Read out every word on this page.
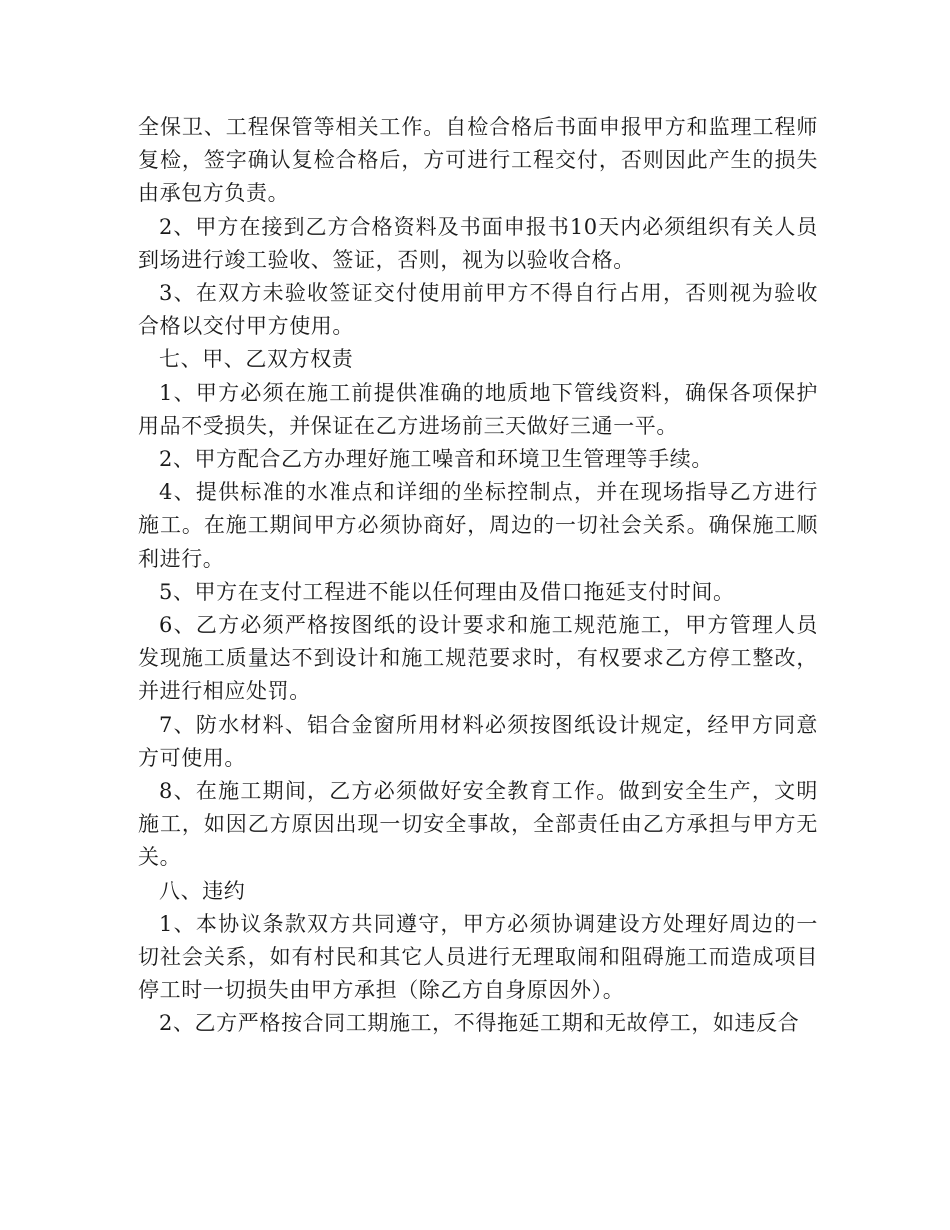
全保卫、工程保管等相关工作。自检合格后书面申报甲方和监理工程师复检，签字确认复检合格后，方可进行工程交付，否则因此产生的损失由承包方负责。

2、甲方在接到乙方合格资料及书面申报书10天内必须组织有关人员到场进行竣工验收、签证，否则，视为以验收合格。

3、在双方未验收签证交付使用前甲方不得自行占用，否则视为验收合格以交付甲方使用。

七、甲、乙双方权责

1、甲方必须在施工前提供准确的地质地下管线资料，确保各项保护用品不受损失，并保证在乙方进场前三天做好三通一平。

2、甲方配合乙方办理好施工噪音和环境卫生管理等手续。

4、提供标准的水准点和详细的坐标控制点，并在现场指导乙方进行施工。在施工期间甲方必须协商好，周边的一切社会关系。确保施工顺利进行。

5、甲方在支付工程进不能以任何理由及借口拖延支付时间。

6、乙方必须严格按图纸的设计要求和施工规范施工，甲方管理人员发现施工质量达不到设计和施工规范要求时，有权要求乙方停工整改，并进行相应处罚。

7、防水材料、铝合金窗所用材料必须按图纸设计规定，经甲方同意方可使用。

8、在施工期间，乙方必须做好安全教育工作。做到安全生产，文明施工，如因乙方原因出现一切安全事故，全部责任由乙方承担与甲方无关。

八、违约

1、本协议条款双方共同遵守，甲方必须协调建设方处理好周边的一切社会关系，如有村民和其它人员进行无理取闹和阻碍施工而造成项目停工时一切损失由甲方承担（除乙方自身原因外）。

2、乙方严格按合同工期施工，不得拖延工期和无故停工，如违反合
